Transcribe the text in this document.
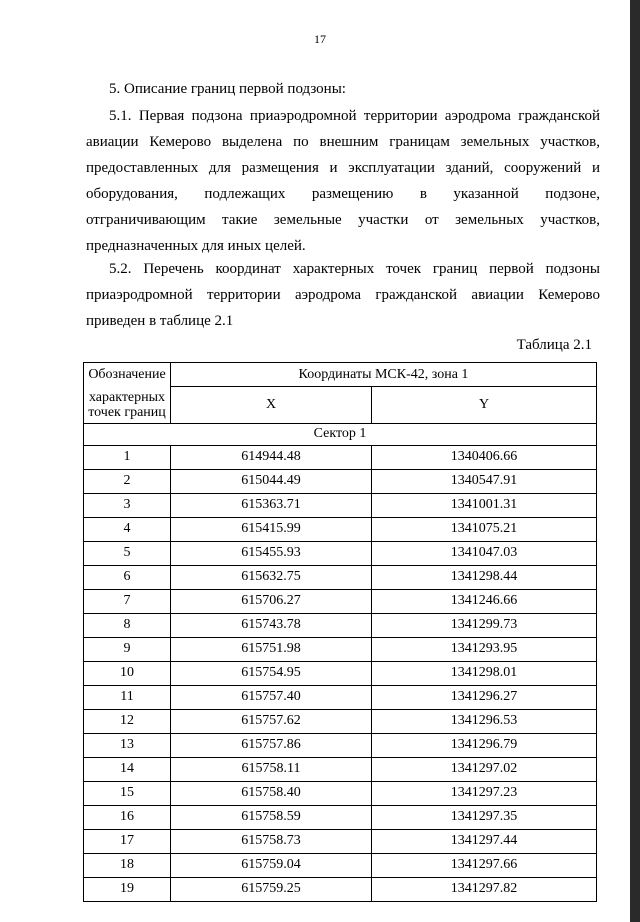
17
5. Описание границ первой подзоны:
5.1. Первая подзона приаэродромной территории аэродрома гражданской авиации Кемерово выделена по внешним границам земельных участков, предоставленных для размещения и эксплуатации зданий, сооружений и оборудования, подлежащих размещению в указанной подзоне, отграничивающим такие земельные участки от земельных участков, предназначенных для иных целей.
5.2. Перечень координат характерных точек границ первой подзоны приаэродромной территории аэродрома гражданской авиации Кемерово приведен в таблице 2.1
Таблица 2.1
Обозначение	Координаты МСК-42, зона 1	
характерных точек границ	X	Y
Сектор 1		
1	614944.48	1340406.66
2	615044.49	1340547.91
3	615363.71	1341001.31
4	615415.99	1341075.21
5	615455.93	1341047.03
6	615632.75	1341298.44
7	615706.27	1341246.66
8	615743.78	1341299.73
9	615751.98	1341293.95
10	615754.95	1341298.01
11	615757.40	1341296.27
12	615757.62	1341296.53
13	615757.86	1341296.79
14	615758.11	1341297.02
15	615758.40	1341297.23
16	615758.59	1341297.35
17	615758.73	1341297.44
18	615759.04	1341297.66
19	615759.25	1341297.82
